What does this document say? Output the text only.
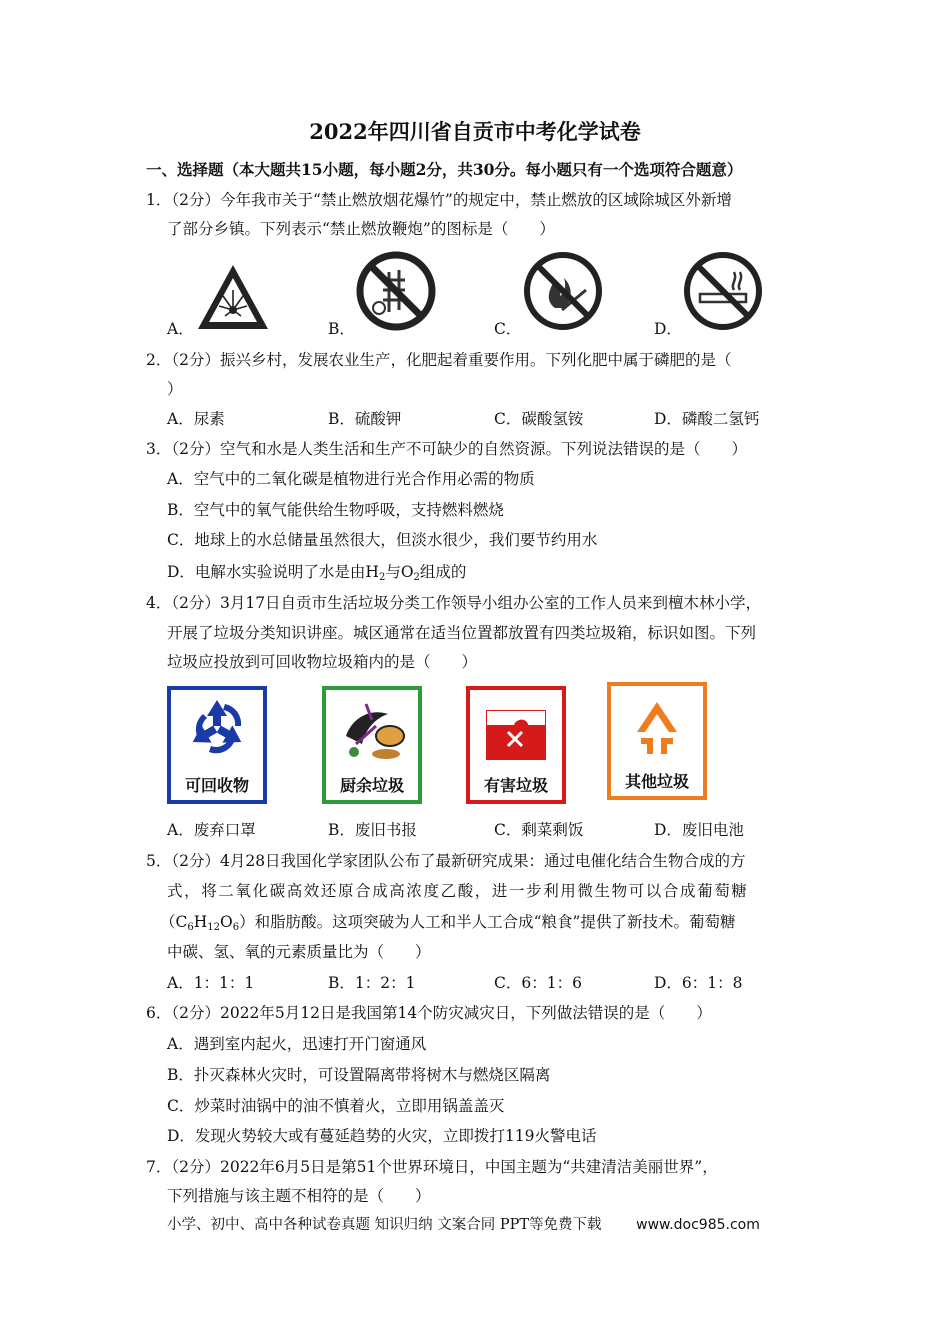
2022年四川省自贡市中考化学试卷
一、选择题（本大题共15小题，每小题2分，共30分。每小题只有一个选项符合题意）
1．（2分）今年我市关于“禁止燃放烟花爆竹”的规定中，禁止燃放的区域除城区外新增
了部分乡镇。下列表示“禁止燃放鞭炮”的图标是（　　）
A．	B．	C．	D．
2．（2分）振兴乡村，发展农业生产，化肥起着重要作用。下列化肥中属于磷肥的是（
）
A．尿素	B．硫酸钾	C．碳酸氢铵	D．磷酸二氢钙
3．（2分）空气和水是人类生活和生产不可缺少的自然资源。下列说法错误的是（　　）
A．空气中的二氧化碳是植物进行光合作用必需的物质
B．空气中的氧气能供给生物呼吸，支持燃料燃烧
C．地球上的水总储量虽然很大，但淡水很少，我们要节约用水
D．电解水实验说明了水是由$H_2$与$O_2$组成的
4．（2分）3月17日自贡市生活垃圾分类工作领导小组办公室的工作人员来到檀木林小学，
开展了垃圾分类知识讲座。城区通常在适当位置都放置有四类垃圾箱，标识如图。下列
垃圾应投放到可回收物垃圾箱内的是（　　）
可回收物	厨余垃圾	有害垃圾	其他垃圾
A．废弃口罩	B．废旧书报	C．剩菜剩饭	D．废旧电池
5．（2分）4月28日我国化学家团队公布了最新研究成果：通过电催化结合生物合成的方
式，将二氧化碳高效还原合成高浓度乙酸，进一步利用微生物可以合成葡萄糖
$(C_6H_{12}O_6)$和脂肪酸。这项突破为人工和半人工合成“粮食”提供了新技术。葡萄糖
中碳、氢、氧的元素质量比为（　　）
A．1：1：1	B．1：2：1	C．6：1：6	D．6：1：8
6．（2分）2022年5月12日是我国第14个防灾减灾日，下列做法错误的是（　　）
A．遇到室内起火，迅速打开门窗通风
B．扑灭森林火灾时，可设置隔离带将树木与燃烧区隔离
C．炒菜时油锅中的油不慎着火，立即用锅盖盖灭
D．发现火势较大或有蔓延趋势的火灾，立即拨打119火警电话
7．（2分）2022年6月5日是第51个世界环境日，中国主题为“共建清洁美丽世界”，
下列措施与该主题不相符的是（　　）
小学、初中、高中各种试卷真题 知识归纳 文案合同 PPT等免费下载 www.doc985.com
